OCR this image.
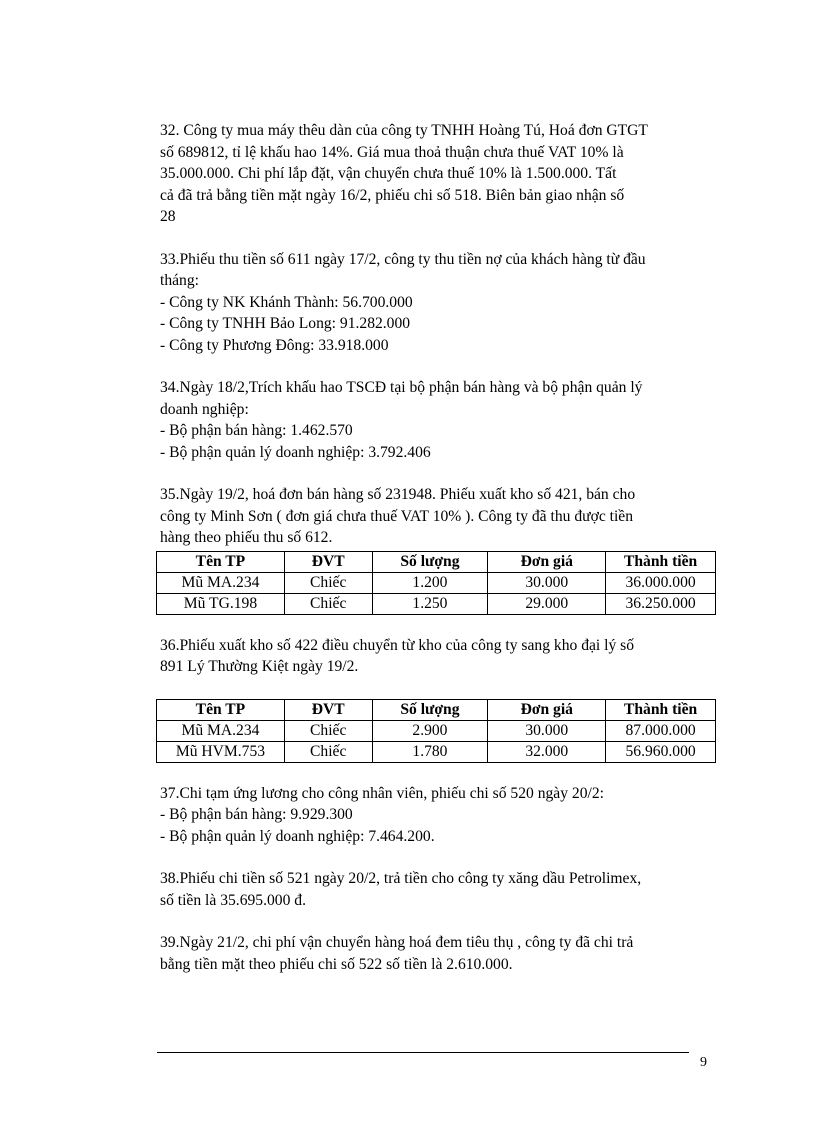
32. Công ty mua máy thêu dàn của công ty TNHH Hoàng Tú, Hoá đơn GTGT
số 689812, tỉ lệ khấu hao 14%. Giá mua thoả thuận chưa thuế VAT 10% là
35.000.000. Chi phí lắp đặt, vận chuyển chưa thuế 10% là 1.500.000. Tất
cả đã trả bằng tiền mặt ngày 16/2, phiếu chi số 518. Biên bản giao nhận số
28
33.Phiếu thu tiền số 611 ngày 17/2, công ty thu tiền nợ của khách hàng từ đầu
tháng:
- Công ty NK Khánh Thành: 56.700.000
- Công ty TNHH Bảo Long: 91.282.000
- Công ty Phương Đông: 33.918.000
34.Ngày 18/2,Trích khấu hao TSCĐ tại bộ phận bán hàng và bộ phận quản lý
doanh nghiệp:
- Bộ phận bán hàng: 1.462.570
- Bộ phận quản lý doanh nghiệp: 3.792.406
35.Ngày 19/2, hoá đơn bán hàng số 231948. Phiếu xuất kho số 421, bán cho
công ty Minh Sơn ( đơn giá chưa thuế VAT 10% ). Công ty đã thu được tiền
hàng theo phiếu thu số 612.
Tên TP	ĐVT	Số lượng	Đơn giá	Thành tiền
Mũ MA.234	Chiếc	1.200	30.000	36.000.000
Mũ TG.198	Chiếc	1.250	29.000	36.250.000
36.Phiếu xuất kho số 422 điều chuyển từ kho của công ty sang kho đại lý số
891 Lý Thường Kiệt ngày 19/2.
Tên TP	ĐVT	Số lượng	Đơn giá	Thành tiền
Mũ MA.234	Chiếc	2.900	30.000	87.000.000
Mũ HVM.753	Chiếc	1.780	32.000	56.960.000
37.Chi tạm ứng lương cho công nhân viên, phiếu chi số 520 ngày 20/2:
- Bộ phận bán hàng: 9.929.300
- Bộ phận quản lý doanh nghiệp: 7.464.200.
38.Phiếu chi tiền số 521 ngày 20/2, trả tiền cho công ty xăng dầu Petrolimex,
số tiền là 35.695.000 đ.
39.Ngày 21/2, chi phí vận chuyển hàng hoá đem tiêu thụ , công ty đã chi trả
bằng tiền mặt theo phiếu chi số 522 số tiền là 2.610.000.
9
